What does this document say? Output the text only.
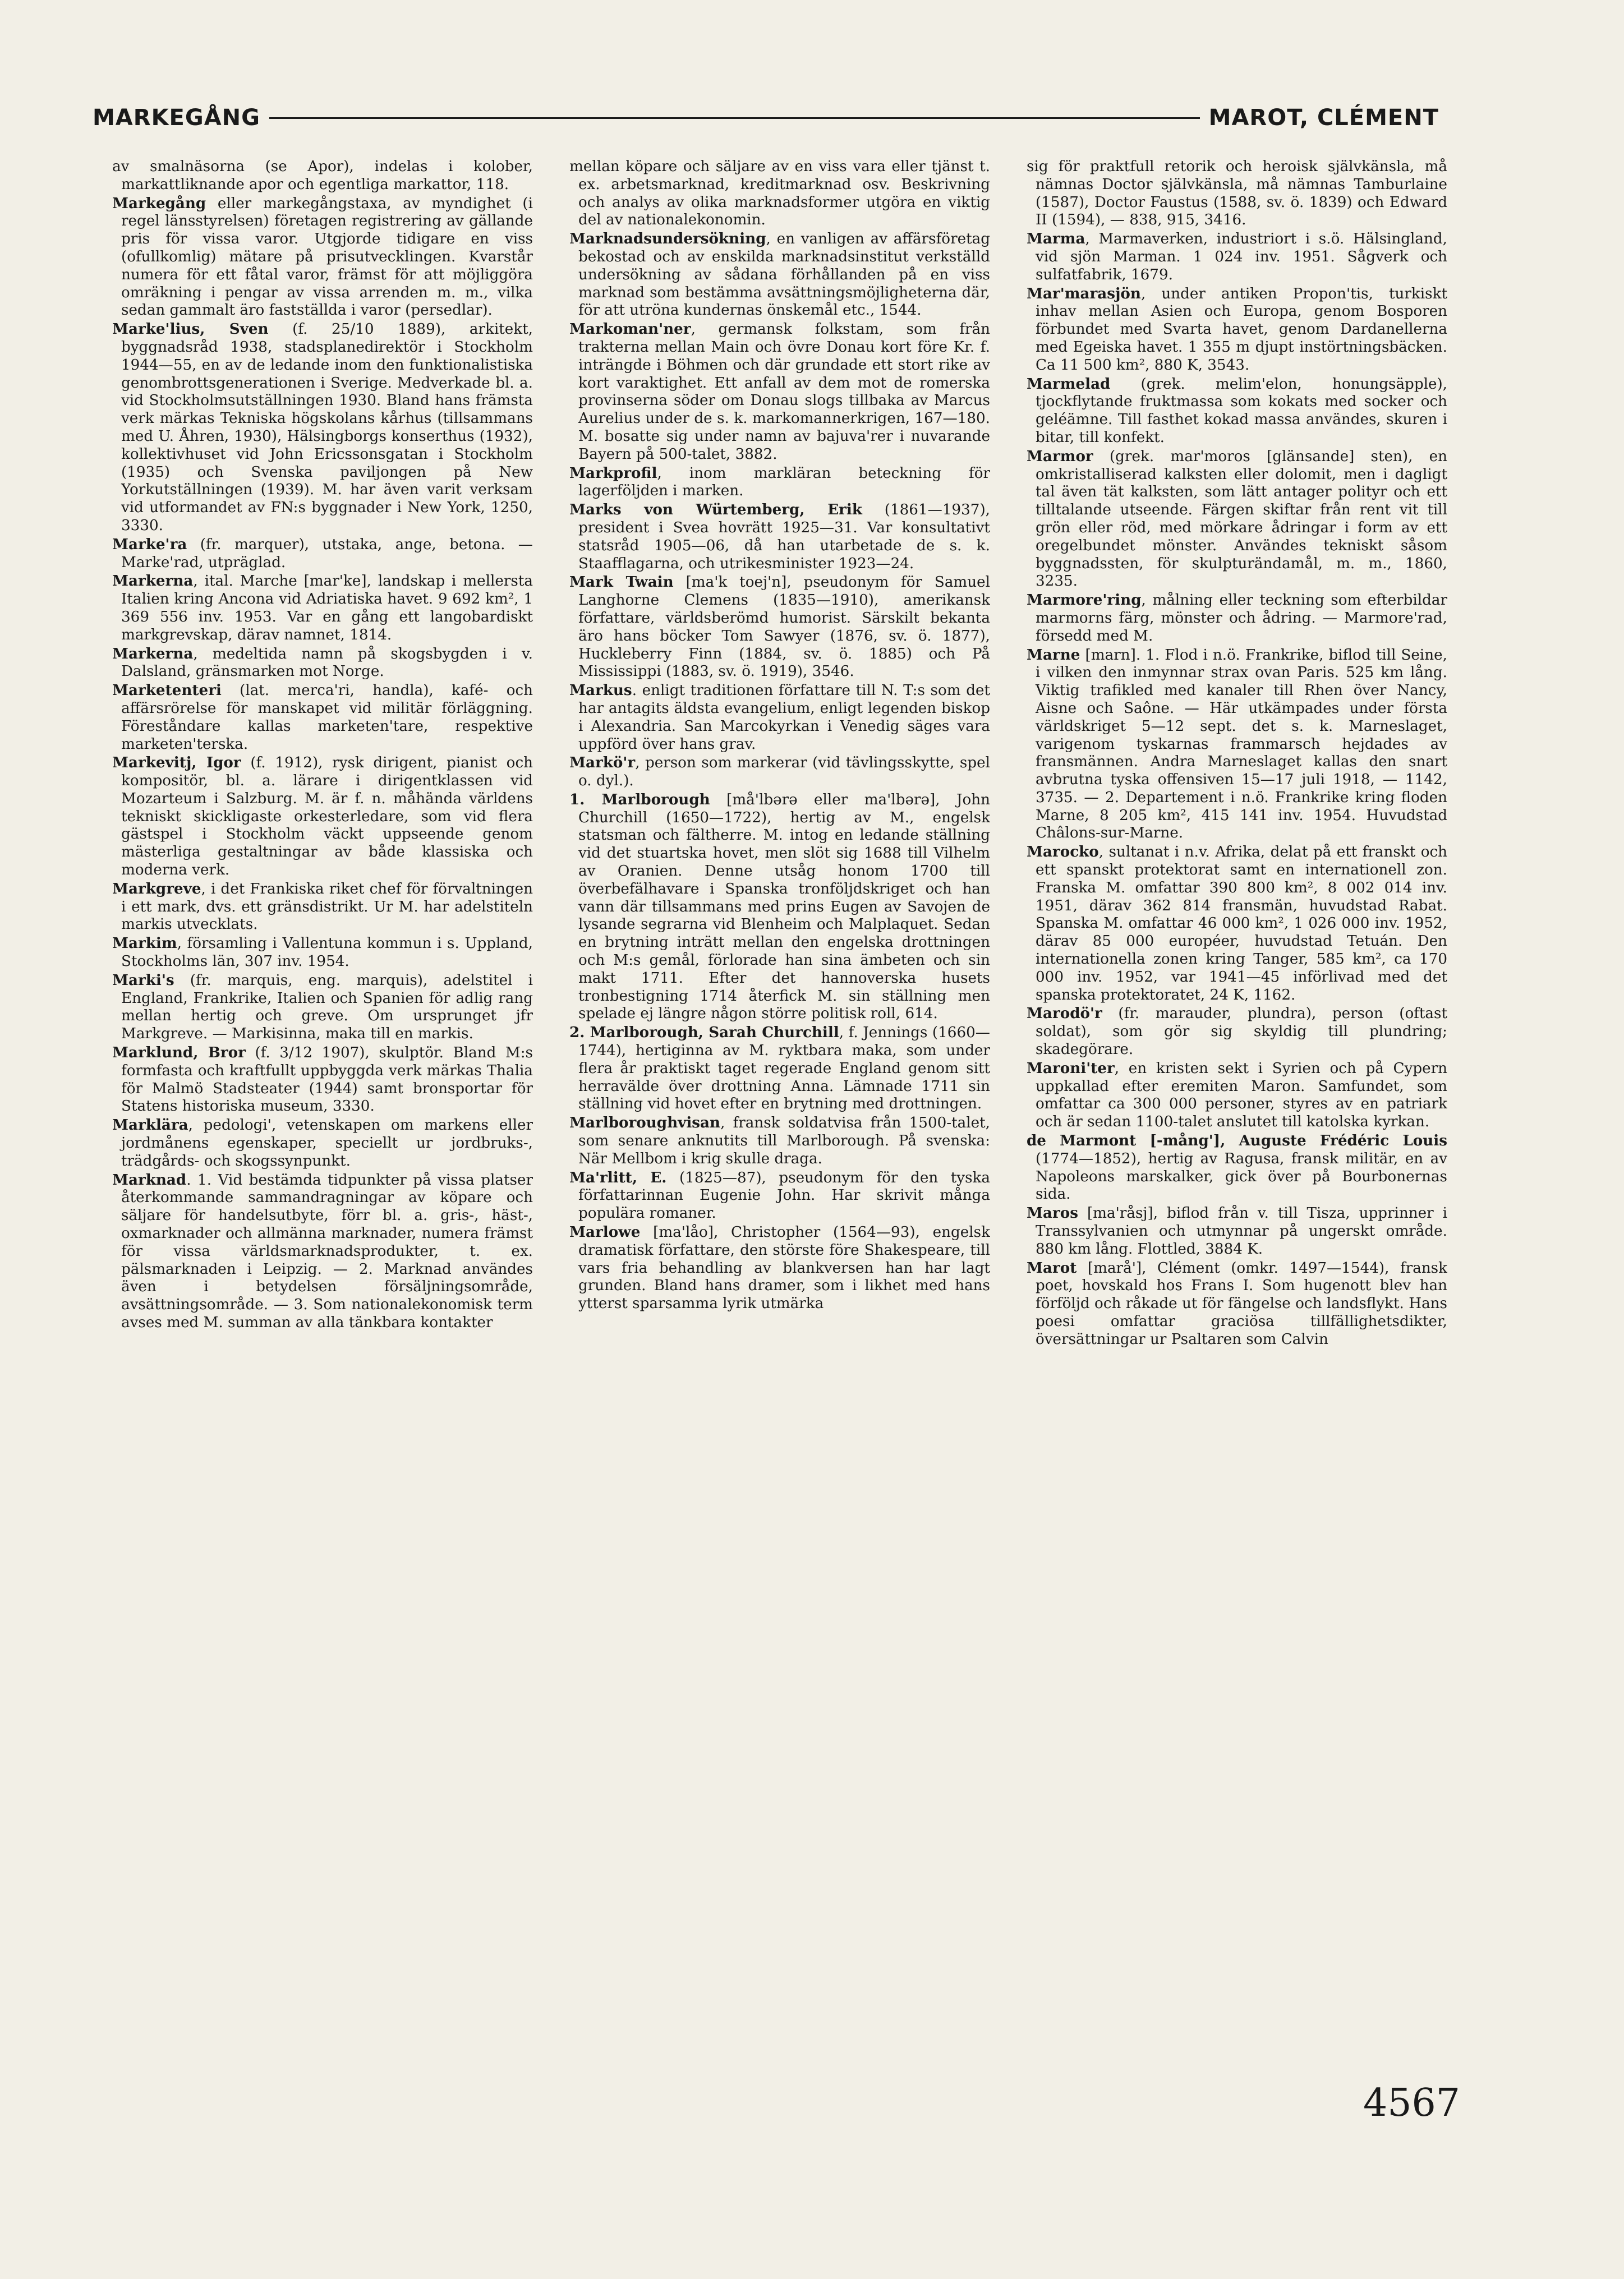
MARKEGÅNG	MAROT, CLÉMENT

av smalnäsorna (se Apor), indelas i kolober, markattliknande apor och egentliga markattor, 118.

Markegång eller markegångstaxa, av myndighet (i regel länsstyrelsen) företagen registrering av gällande pris för vissa varor. Utgjorde tidigare en viss (ofullkomlig) mätare på prisutvecklingen. Kvarstår numera för ett fåtal varor, främst för att möjliggöra omräkning i pengar av vissa arrenden m. m., vilka sedan gammalt äro fastställda i varor (persedlar).

Marke'lius, Sven (f. 25/10 1889), arkitekt, byggnadsråd 1938, stadsplanedirektör i Stockholm 1944—55, en av de ledande inom den funktionalistiska genombrottsgenerationen i Sverige. Medverkade bl. a. vid Stockholmsutställningen 1930. Bland hans främsta verk märkas Tekniska högskolans kårhus (tillsammans med U. Åhren, 1930), Hälsingborgs konserthus (1932), kollektivhuset vid John Ericssonsgatan i Stockholm (1935) och Svenska paviljongen på New Yorkutställningen (1939). M. har även varit verksam vid utformandet av FN:s byggnader i New York, 1250, 3330.

Marke'ra (fr. marquer), utstaka, ange, betona. — Marke'rad, utpräglad.

Markerna, ital. Marche [mar'ke], landskap i mellersta Italien kring Ancona vid Adriatiska havet. 9 692 km², 1 369 556 inv. 1953. Var en gång ett langobardiskt markgrevskap, därav namnet, 1814.

Markerna, medeltida namn på skogsbygden i v. Dalsland, gränsmarken mot Norge.

Marketenteri (lat. merca'ri, handla), kafé- och affärsrörelse för manskapet vid militär förläggning. Föreståndare kallas marketen'tare, respektive marketen'terska.

Markevitj, Igor (f. 1912), rysk dirigent, pianist och kompositör, bl. a. lärare i dirigentklassen vid Mozarteum i Salzburg. M. är f. n. måhända världens tekniskt skickligaste orkesterledare, som vid flera gästspel i Stockholm väckt uppseende genom mästerliga gestaltningar av både klassiska och moderna verk.

Markgreve, i det Frankiska riket chef för förvaltningen i ett mark, dvs. ett gränsdistrikt. Ur M. har adelstiteln markis utvecklats.

Markim, församling i Vallentuna kommun i s. Uppland, Stockholms län, 307 inv. 1954.

Marki's (fr. marquis, eng. marquis), adelstitel i England, Frankrike, Italien och Spanien för adlig rang mellan hertig och greve. Om ursprunget jfr Markgreve. — Markisinna, maka till en markis.

Marklund, Bror (f. 3/12 1907), skulptör. Bland M:s formfasta och kraftfullt uppbyggda verk märkas Thalia för Malmö Stadsteater (1944) samt bronsportar för Statens historiska museum, 3330.

Marklära, pedologi', vetenskapen om markens eller jordmånens egenskaper, speciellt ur jordbruks-, trädgårds- och skogssynpunkt.

Marknad. 1. Vid bestämda tidpunkter på vissa platser återkommande sammandragningar av köpare och säljare för handelsutbyte, förr bl. a. gris-, häst-, oxmarknader och allmänna marknader, numera främst för vissa världsmarknadsprodukter, t. ex. pälsmarknaden i Leipzig. — 2. Marknad användes även i betydelsen försäljningsområde, avsättningsområde. — 3. Som nationalekonomisk term avses med M. summan av alla tänkbara kontakter

mellan köpare och säljare av en viss vara eller tjänst t. ex. arbetsmarknad, kreditmarknad osv. Beskrivning och analys av olika marknadsformer utgöra en viktig del av nationalekonomin.

Marknadsundersökning, en vanligen av affärsföretag bekostad och av enskilda marknadsinstitut verkställd undersökning av sådana förhållanden på en viss marknad som bestämma avsättningsmöjligheterna där, för att utröna kundernas önskemål etc., 1544.

Markoman'ner, germansk folkstam, som från trakterna mellan Main och övre Donau kort före Kr. f. inträngde i Böhmen och där grundade ett stort rike av kort varaktighet. Ett anfall av dem mot de romerska provinserna söder om Donau slogs tillbaka av Marcus Aurelius under de s. k. markomannerkrigen, 167—180. M. bosatte sig under namn av bajuva'rer i nuvarande Bayern på 500-talet, 3882.

Markprofil, inom markläran beteckning för lagerföljden i marken.

Marks von Würtemberg, Erik (1861—1937), president i Svea hovrätt 1925—31. Var konsultativt statsråd 1905—06, då han utarbetade de s. k. Staafflagarna, och utrikesminister 1923—24.

Mark Twain [ma'k toej'n], pseudonym för Samuel Langhorne Clemens (1835—1910), amerikansk författare, världsberömd humorist. Särskilt bekanta äro hans böcker Tom Sawyer (1876, sv. ö. 1877), Huckleberry Finn (1884, sv. ö. 1885) och På Mississippi (1883, sv. ö. 1919), 3546.

Markus. enligt traditionen författare till N. T:s som det har antagits äldsta evangelium, enligt legenden biskop i Alexandria. San Marcokyrkan i Venedig säges vara uppförd över hans grav.

Markö'r, person som markerar (vid tävlingsskytte, spel o. dyl.).

1. Marlborough [må'lbərə eller ma'lbərə], John Churchill (1650—1722), hertig av M., engelsk statsman och fältherre. M. intog en ledande ställning vid det stuartska hovet, men slöt sig 1688 till Vilhelm av Oranien. Denne utsåg honom 1700 till överbefälhavare i Spanska tronföljdskriget och han vann där tillsammans med prins Eugen av Savojen de lysande segrarna vid Blenheim och Malplaquet. Sedan en brytning inträtt mellan den engelska drottningen och M:s gemål, förlorade han sina ämbeten och sin makt 1711. Efter det hannoverska husets tronbestigning 1714 återfick M. sin ställning men spelade ej längre någon större politisk roll, 614.

2. Marlborough, Sarah Churchill, f. Jennings (1660—1744), hertiginna av M. ryktbara maka, som under flera år praktiskt taget regerade England genom sitt herravälde över drottning Anna. Lämnade 1711 sin ställning vid hovet efter en brytning med drottningen.

Marlboroughvisan, fransk soldatvisa från 1500-talet, som senare anknutits till Marlborough. På svenska: När Mellbom i krig skulle draga.

Ma'rlitt, E. (1825—87), pseudonym för den tyska författarinnan Eugenie John. Har skrivit många populära romaner.

Marlowe [ma'låo], Christopher (1564—93), engelsk dramatisk författare, den störste före Shakespeare, till vars fria behandling av blankversen han har lagt grunden. Bland hans dramer, som i likhet med hans ytterst sparsamma lyrik utmärka

sig för praktfull retorik och heroisk självkänsla, må nämnas Doctor självkänsla, må nämnas Tamburlaine (1587), Doctor Faustus (1588, sv. ö. 1839) och Edward II (1594), — 838, 915, 3416.

Marma, Marmaverken, industriort i s.ö. Hälsingland, vid sjön Marman. 1 024 inv. 1951. Sågverk och sulfatfabrik, 1679.

Mar'marasjön, under antiken Propon'tis, turkiskt inhav mellan Asien och Europa, genom Bosporen förbundet med Svarta havet, genom Dardanellerna med Egeiska havet. 1 355 m djupt instörtningsbäcken. Ca 11 500 km², 880 K, 3543.

Marmelad (grek. melim'elon, honungsäpple), tjockflytande fruktmassa som kokats med socker och geléämne. Till fasthet kokad massa användes, skuren i bitar, till konfekt.

Marmor (grek. mar'moros [glänsande] sten), en omkristalliserad kalksten eller dolomit, men i dagligt tal även tät kalksten, som lätt antager polityr och ett tilltalande utseende. Färgen skiftar från rent vit till grön eller röd, med mörkare ådringar i form av ett oregelbundet mönster. Användes tekniskt såsom byggnadssten, för skulpturändamål, m. m., 1860, 3235.

Marmore'ring, målning eller teckning som efterbildar marmorns färg, mönster och ådring. — Marmore'rad, försedd med M.

Marne [marn]. 1. Flod i n.ö. Frankrike, biflod till Seine, i vilken den inmynnar strax ovan Paris. 525 km lång. Viktig trafikled med kanaler till Rhen över Nancy, Aisne och Saône. — Här utkämpades under första världskriget 5—12 sept. det s. k. Marneslaget, varigenom tyskarnas frammarsch hejdades av fransmännen. Andra Marneslaget kallas den snart avbrutna tyska offensiven 15—17 juli 1918, — 1142, 3735. — 2. Departement i n.ö. Frankrike kring floden Marne, 8 205 km², 415 141 inv. 1954. Huvudstad Châlons-sur-Marne.

Marocko, sultanat i n.v. Afrika, delat på ett franskt och ett spanskt protektorat samt en internationell zon. Franska M. omfattar 390 800 km², 8 002 014 inv. 1951, därav 362 814 fransmän, huvudstad Rabat. Spanska M. omfattar 46 000 km², 1 026 000 inv. 1952, därav 85 000 européer, huvudstad Tetuán. Den internationella zonen kring Tanger, 585 km², ca 170 000 inv. 1952, var 1941—45 införlivad med det spanska protektoratet, 24 K, 1162.

Marodö'r (fr. marauder, plundra), person (oftast soldat), som gör sig skyldig till plundring; skadegörare.

Maroni'ter, en kristen sekt i Syrien och på Cypern uppkallad efter eremiten Maron. Samfundet, som omfattar ca 300 000 personer, styres av en patriark och är sedan 1100-talet anslutet till katolska kyrkan.

de Marmont [-mång'], Auguste Frédéric Louis (1774—1852), hertig av Ragusa, fransk militär, en av Napoleons marskalker, gick över på Bourbonernas sida.

Maros [ma'råsj], biflod från v. till Tisza, upprinner i Transsylvanien och utmynnar på ungerskt område. 880 km lång. Flottled, 3884 K.

Marot [marå'], Clément (omkr. 1497—1544), fransk poet, hovskald hos Frans I. Som hugenott blev han förföljd och råkade ut för fängelse och landsflykt. Hans poesi omfattar graciösa tillfällighetsdikter, översättningar ur Psaltaren som Calvin

4567
